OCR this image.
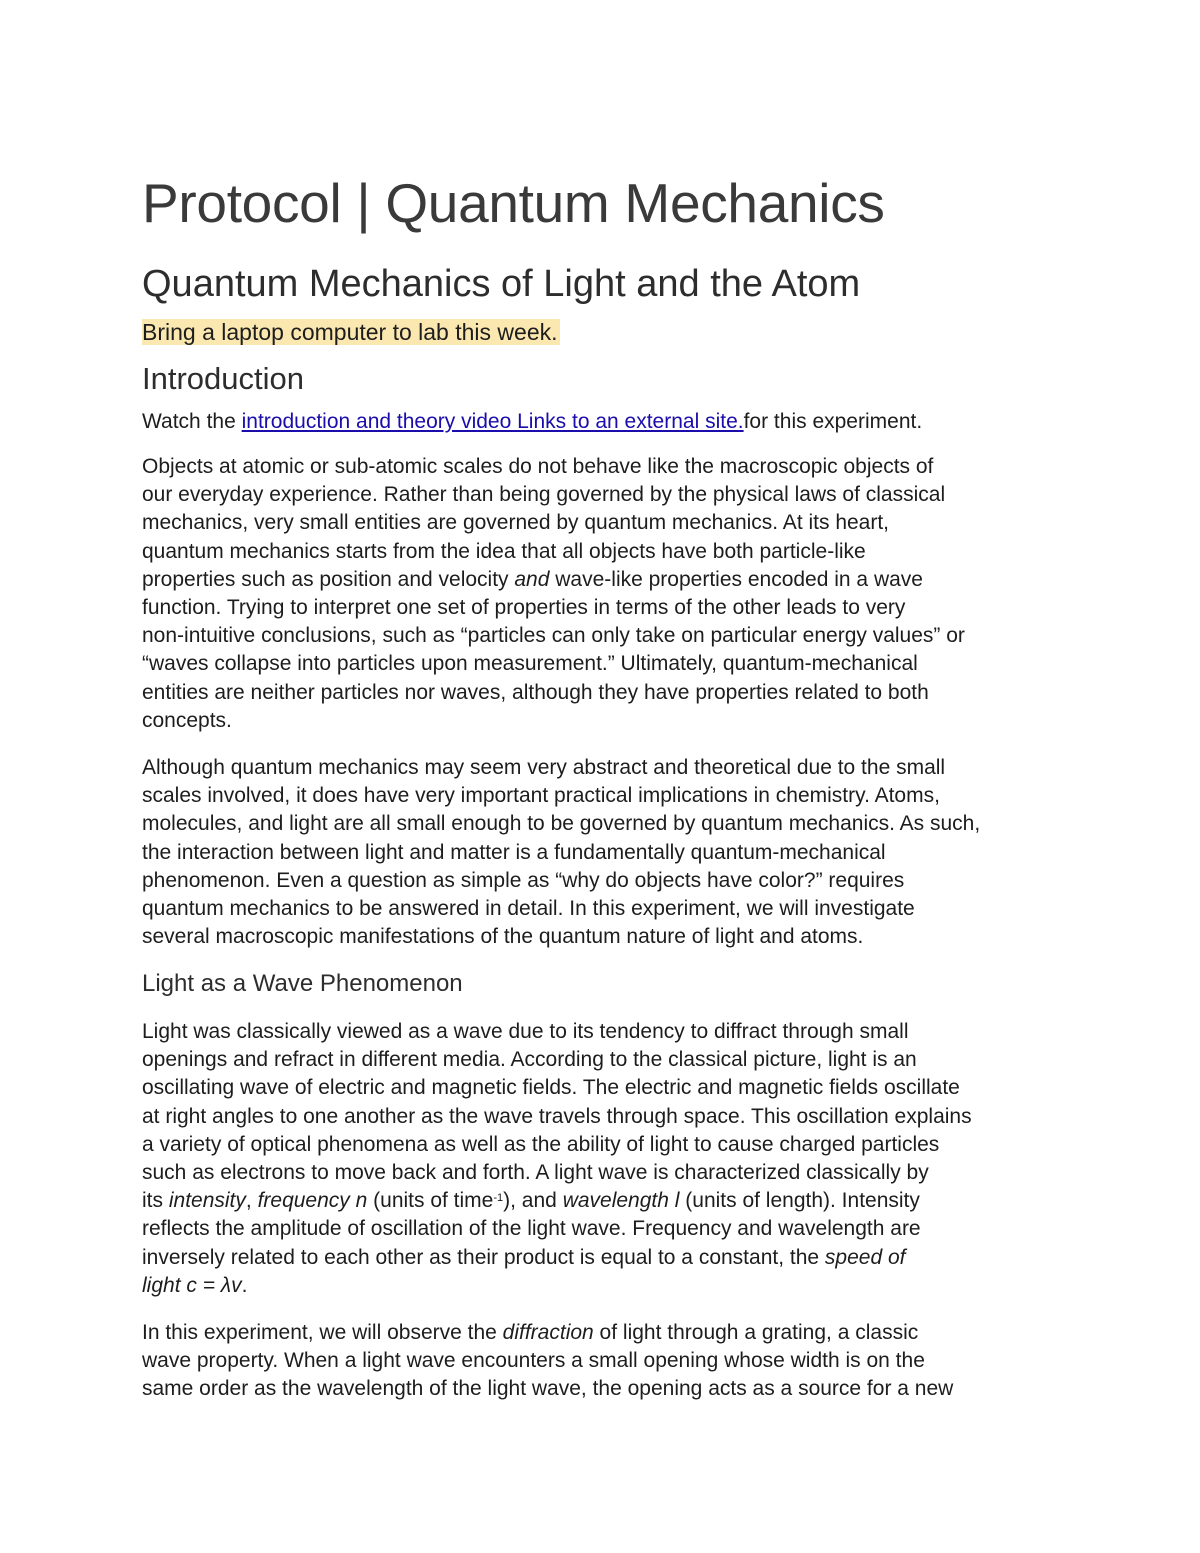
Protocol | Quantum Mechanics
Quantum Mechanics of Light and the Atom

Bring a laptop computer to lab this week.

Introduction

Watch the introduction and theory video Links to an external site.for this experiment.

Objects at atomic or sub-atomic scales do not behave like the macroscopic objects of
our everyday experience. Rather than being governed by the physical laws of classical
mechanics, very small entities are governed by quantum mechanics. At its heart,
quantum mechanics starts from the idea that all objects have both particle-like
properties such as position and velocity and wave-like properties encoded in a wave
function. Trying to interpret one set of properties in terms of the other leads to very
non-intuitive conclusions, such as “particles can only take on particular energy values” or
“waves collapse into particles upon measurement.” Ultimately, quantum-mechanical
entities are neither particles nor waves, although they have properties related to both
concepts.

Although quantum mechanics may seem very abstract and theoretical due to the small
scales involved, it does have very important practical implications in chemistry. Atoms,
molecules, and light are all small enough to be governed by quantum mechanics. As such,
the interaction between light and matter is a fundamentally quantum-mechanical
phenomenon. Even a question as simple as “why do objects have color?” requires
quantum mechanics to be answered in detail. In this experiment, we will investigate
several macroscopic manifestations of the quantum nature of light and atoms.

Light as a Wave Phenomenon

Light was classically viewed as a wave due to its tendency to diffract through small
openings and refract in different media. According to the classical picture, light is an
oscillating wave of electric and magnetic fields. The electric and magnetic fields oscillate
at right angles to one another as the wave travels through space. This oscillation explains
a variety of optical phenomena as well as the ability of light to cause charged particles
such as electrons to move back and forth. A light wave is characterized classically by
its intensity, frequency n (units of time$^{-1}$), and wavelength l (units of length). Intensity
reflects the amplitude of oscillation of the light wave. Frequency and wavelength are
inversely related to each other as their product is equal to a constant, the speed of
light c = λv.

In this experiment, we will observe the diffraction of light through a grating, a classic
wave property. When a light wave encounters a small opening whose width is on the
same order as the wavelength of the light wave, the opening acts as a source for a new
